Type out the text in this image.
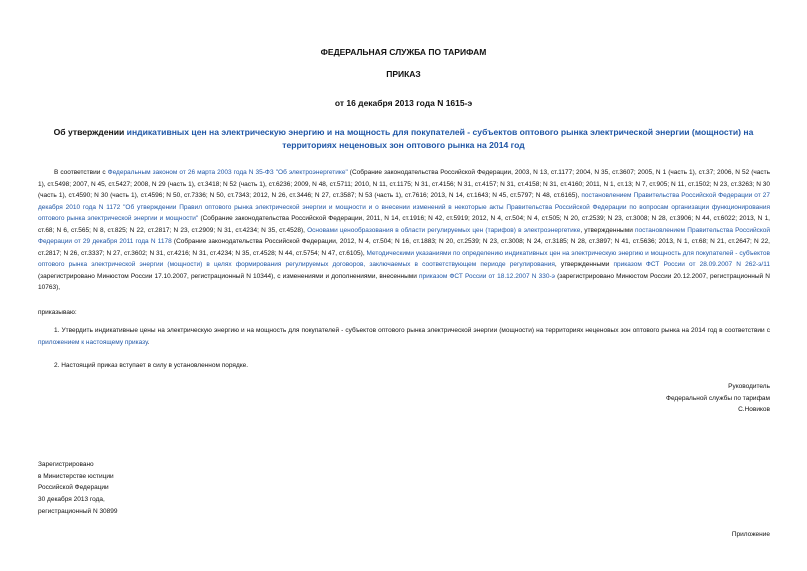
ФЕДЕРАЛЬНАЯ СЛУЖБА ПО ТАРИФАМ
ПРИКАЗ
от 16 декабря 2013 года N 1615-э
Об утверждении индикативных цен на электрическую энергию и на мощность для покупателей - субъектов оптового рынка электрической энергии (мощности) на территориях неценовых зон оптового рынка на 2014 год

В соответствии с Федеральным законом от 26 марта 2003 года N 35-ФЗ "Об электроэнергетике" (Собрание законодательства Российской Федерации, 2003, N 13, ст.1177; 2004, N 35, ст.3607; 2005, N 1 (часть 1), ст.37; 2006, N 52 (часть 1), ст.5498; 2007, N 45, ст.5427; 2008, N 29 (часть 1), ст.3418; N 52 (часть 1), ст.6236; 2009, N 48, ст.5711; 2010, N 11, ст.1175; N 31, ст.4156; N 31, ст.4157; N 31, ст.4158; N 31, ст.4160; 2011, N 1, ст.13; N 7, ст.905; N 11, ст.1502; N 23, ст.3263; N 30 (часть 1), ст.4590; N 30 (часть 1), ст.4596; N 50, ст.7336; N 50, ст.7343; 2012, N 26, ст.3446; N 27, ст.3587; N 53 (часть 1), ст.7616; 2013, N 14, ст.1643; N 45, ст.5797; N 48, ст.6165), постановлением Правительства Российской Федерации от 27 декабря 2010 года N 1172 "Об утверждении Правил оптового рынка электрической энергии и мощности и о внесении изменений в некоторые акты Правительства Российской Федерации по вопросам организации функционирования оптового рынка электрической энергии и мощности" (Собрание законодательства Российской Федерации, 2011, N 14, ст.1916; N 42, ст.5919; 2012, N 4, ст.504; N 4, ст.505; N 20, ст.2539; N 23, ст.3008; N 28, ст.3906; N 44, ст.6022; 2013, N 1, ст.68; N 6, ст.565; N 8, ст.825; N 22, ст.2817; N 23, ст.2909; N 31, ст.4234; N 35, ст.4528), Основами ценообразования в области регулируемых цен (тарифов) в электроэнергетике, утвержденными постановлением Правительства Российской Федерации от 29 декабря 2011 года N 1178 (Собрание законодательства Российской Федерации, 2012, N 4, ст.504; N 16, ст.1883; N 20, ст.2539; N 23, ст.3008; N 24, ст.3185; N 28, ст.3897; N 41, ст.5636; 2013, N 1, ст.68; N 21, ст.2647; N 22, ст.2817; N 26, ст.3337; N 27, ст.3602; N 31, ст.4216; N 31, ст.4234; N 35, ст.4528; N 44, ст.5754; N 47, ст.6105), Методическими указаниями по определению индикативных цен на электрическую энергию и мощность для покупателей - субъектов оптового рынка электрической энергии (мощности) в целях формирования регулируемых договоров, заключаемых в соответствующем периоде регулирования, утвержденными приказом ФСТ России от 28.09.2007 N 262-э/11 (зарегистрировано Минюстом России 17.10.2007, регистрационный N 10344), с изменениями и дополнениями, внесенными приказом ФСТ России от 18.12.2007 N 330-э (зарегистрировано Минюстом России 20.12.2007, регистрационный N 10763),

приказываю:

1. Утвердить индикативные цены на электрическую энергию и на мощность для покупателей - субъектов оптового рынка электрической энергии (мощности) на территориях неценовых зон оптового рынка на 2014 год в соответствии с приложением к настоящему приказу.

2. Настоящий приказ вступает в силу в установленном порядке.

Руководитель
Федеральной службы по тарифам
С.Новиков
Зарегистрировано
в Министерстве юстиции
Российской Федерации
30 декабря 2013 года,
регистрационный N 30899
Приложение
